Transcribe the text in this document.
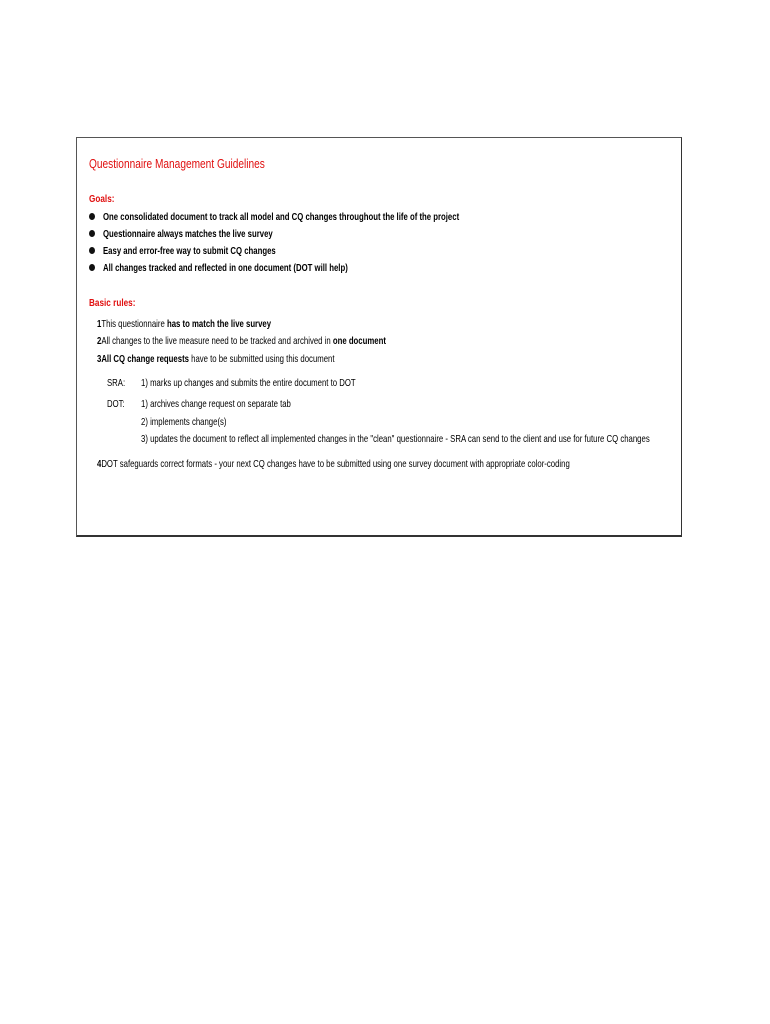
Questionnaire Management Guidelines
Goals:
One consolidated document to track all model and CQ changes throughout the life of the project
Questionnaire always matches the live survey
Easy and error-free way to submit CQ changes
All changes tracked and reflected in one document (DOT will help)
Basic rules:
1This questionnaire has to match the live survey
2All changes to the live measure need to be tracked and archived in one document
3All CQ change requests have to be submitted using this document
SRA:	1) marks up changes and submits the entire document to DOT
DOT:	1) archives change request on separate tab
2) implements change(s)
3) updates the document to reflect all implemented changes in the "clean" questionnaire - SRA can send to the client and use for future CQ changes
4DOT safeguards correct formats - your next CQ changes have to be submitted using one survey document with appropriate color-coding
